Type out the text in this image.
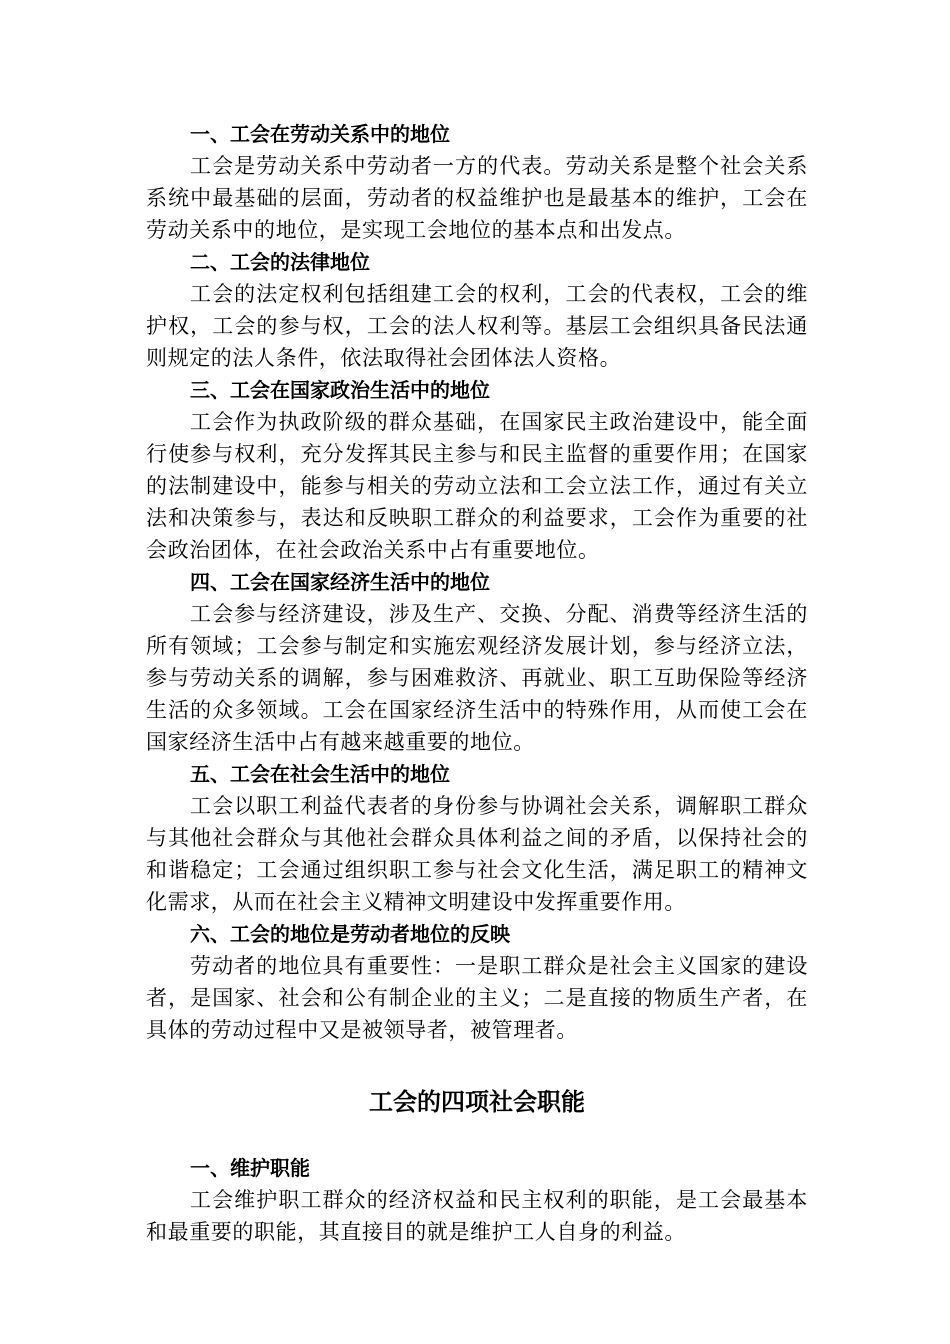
一、工会在劳动关系中的地位

工会是劳动关系中劳动者一方的代表。劳动关系是整个社会关系系统中最基础的层面，劳动者的权益维护也是最基本的维护，工会在劳动关系中的地位，是实现工会地位的基本点和出发点。

二、工会的法律地位

工会的法定权利包括组建工会的权利，工会的代表权，工会的维护权，工会的参与权，工会的法人权利等。基层工会组织具备民法通则规定的法人条件，依法取得社会团体法人资格。

三、工会在国家政治生活中的地位

工会作为执政阶级的群众基础，在国家民主政治建设中，能全面行使参与权利，充分发挥其民主参与和民主监督的重要作用；在国家的法制建设中，能参与相关的劳动立法和工会立法工作，通过有关立法和决策参与，表达和反映职工群众的利益要求，工会作为重要的社会政治团体，在社会政治关系中占有重要地位。

四、工会在国家经济生活中的地位

工会参与经济建设，涉及生产、交换、分配、消费等经济生活的所有领域；工会参与制定和实施宏观经济发展计划，参与经济立法，参与劳动关系的调解，参与困难救济、再就业、职工互助保险等经济生活的众多领域。工会在国家经济生活中的特殊作用，从而使工会在国家经济生活中占有越来越重要的地位。

五、工会在社会生活中的地位

工会以职工利益代表者的身份参与协调社会关系，调解职工群众与其他社会群众与其他社会群众具体利益之间的矛盾，以保持社会的和谐稳定；工会通过组织职工参与社会文化生活，满足职工的精神文化需求，从而在社会主义精神文明建设中发挥重要作用。

六、工会的地位是劳动者地位的反映

劳动者的地位具有重要性：一是职工群众是社会主义国家的建设者，是国家、社会和公有制企业的主义；二是直接的物质生产者，在具体的劳动过程中又是被领导者，被管理者。

工会的四项社会职能
一、维护职能

工会维护职工群众的经济权益和民主权利的职能，是工会最基本和最重要的职能，其直接目的就是维护工人自身的利益。
